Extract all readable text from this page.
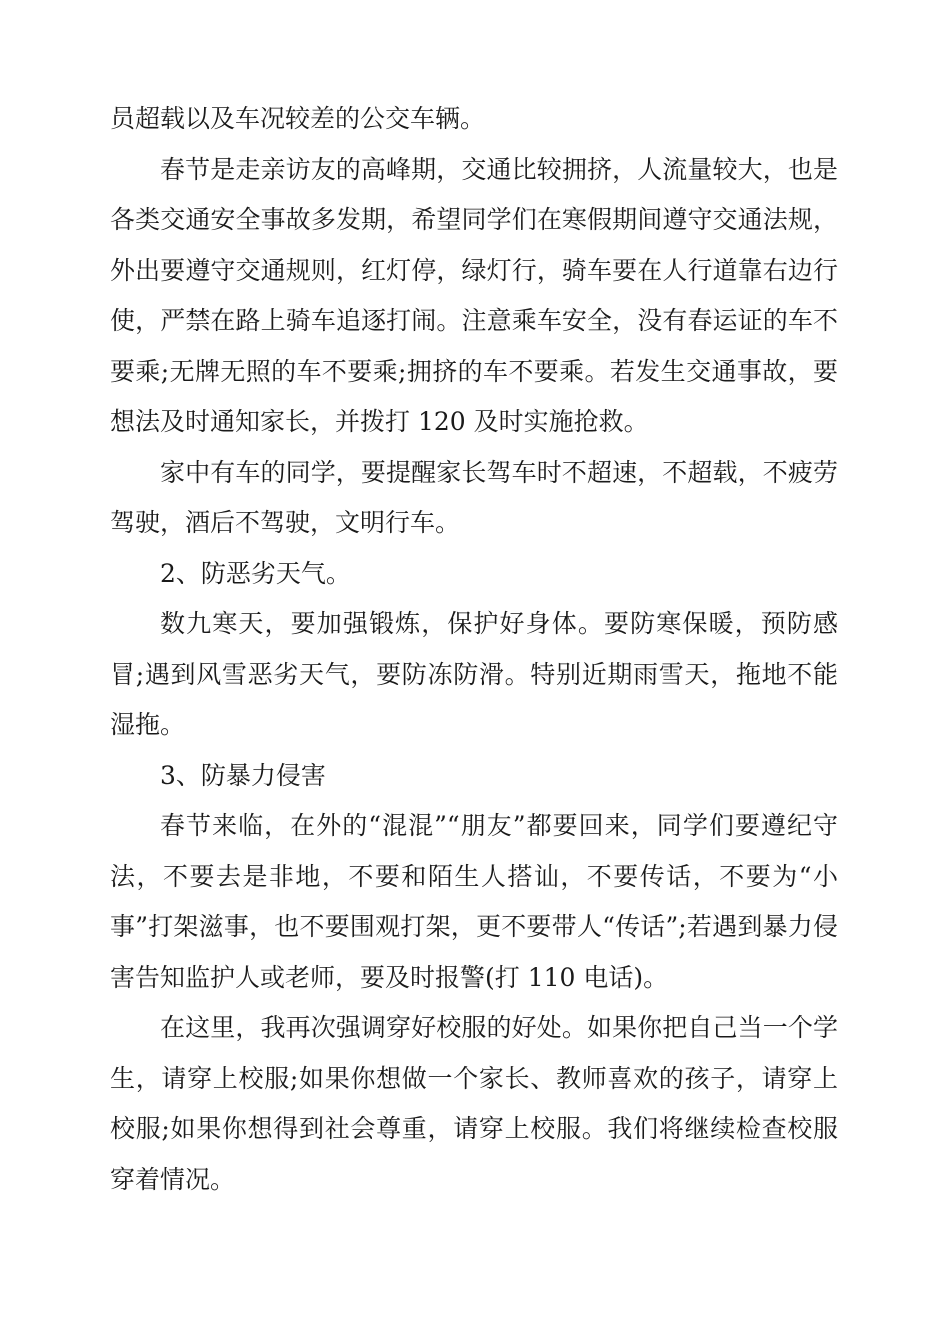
员超载以及车况较差的公交车辆。

春节是走亲访友的高峰期，交通比较拥挤，人流量较大，也是各类交通安全事故多发期，希望同学们在寒假期间遵守交通法规，外出要遵守交通规则，红灯停，绿灯行，骑车要在人行道靠右边行使，严禁在路上骑车追逐打闹。注意乘车安全，没有春运证的车不要乘;无牌无照的车不要乘;拥挤的车不要乘。若发生交通事故，要想法及时通知家长，并拨打 120 及时实施抢救。

家中有车的同学，要提醒家长驾车时不超速，不超载，不疲劳驾驶，酒后不驾驶，文明行车。

2、防恶劣天气。

数九寒天，要加强锻炼，保护好身体。要防寒保暖，预防感冒;遇到风雪恶劣天气，要防冻防滑。特别近期雨雪天，拖地不能湿拖。

3、防暴力侵害

春节来临，在外的“混混”“朋友”都要回来，同学们要遵纪守法，不要去是非地，不要和陌生人搭讪，不要传话，不要为“小事”打架滋事，也不要围观打架，更不要带人“传话”;若遇到暴力侵害告知监护人或老师，要及时报警(打 110 电话)。

在这里，我再次强调穿好校服的好处。如果你把自己当一个学生，请穿上校服;如果你想做一个家长、教师喜欢的孩子，请穿上校服;如果你想得到社会尊重，请穿上校服。我们将继续检查校服穿着情况。
